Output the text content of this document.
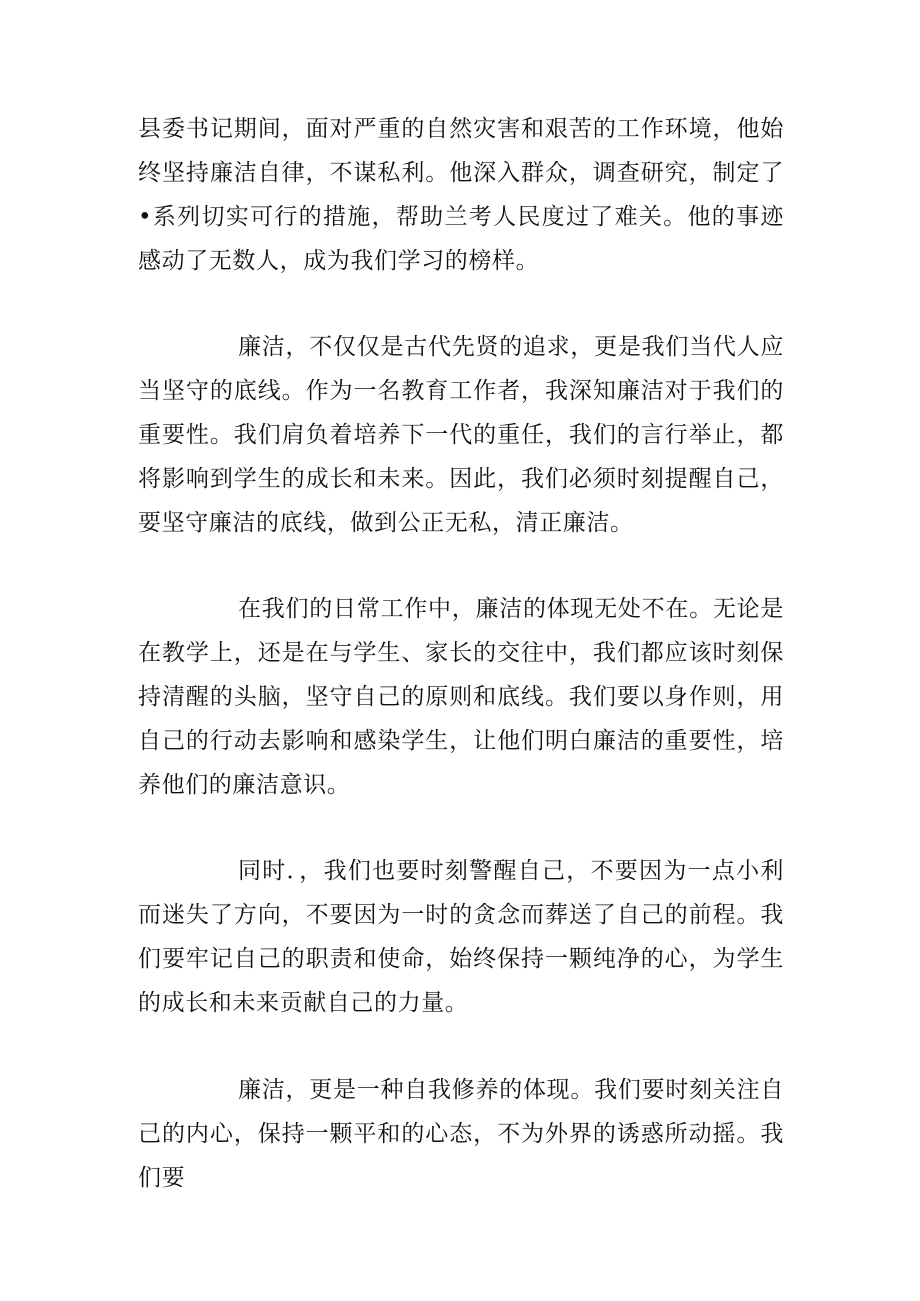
县委书记期间，面对严重的自然灾害和艰苦的工作环境，他始终坚持廉洁自律，不谋私利。他深入群众，调查研究，制定了•系列切实可行的措施，帮助兰考人民度过了难关。他的事迹感动了无数人，成为我们学习的榜样。

廉洁，不仅仅是古代先贤的追求，更是我们当代人应当坚守的底线。作为一名教育工作者，我深知廉洁对于我们的重要性。我们肩负着培养下一代的重任，我们的言行举止，都将影响到学生的成长和未来。因此，我们必须时刻提醒自己，要坚守廉洁的底线，做到公正无私，清正廉洁。

在我们的日常工作中，廉洁的体现无处不在。无论是在教学上，还是在与学生、家长的交往中，我们都应该时刻保持清醒的头脑，坚守自己的原则和底线。我们要以身作则，用自己的行动去影响和感染学生，让他们明白廉洁的重要性，培养他们的廉洁意识。

同时．，我们也要时刻警醒自己，不要因为一点小利而迷失了方向，不要因为一时的贪念而葬送了自己的前程。我们要牢记自己的职责和使命，始终保持一颗纯净的心，为学生的成长和未来贡献自己的力量。

廉洁，更是一种自我修养的体现。我们要时刻关注自己的内心，保持一颗平和的心态，不为外界的诱惑所动摇。我们要
